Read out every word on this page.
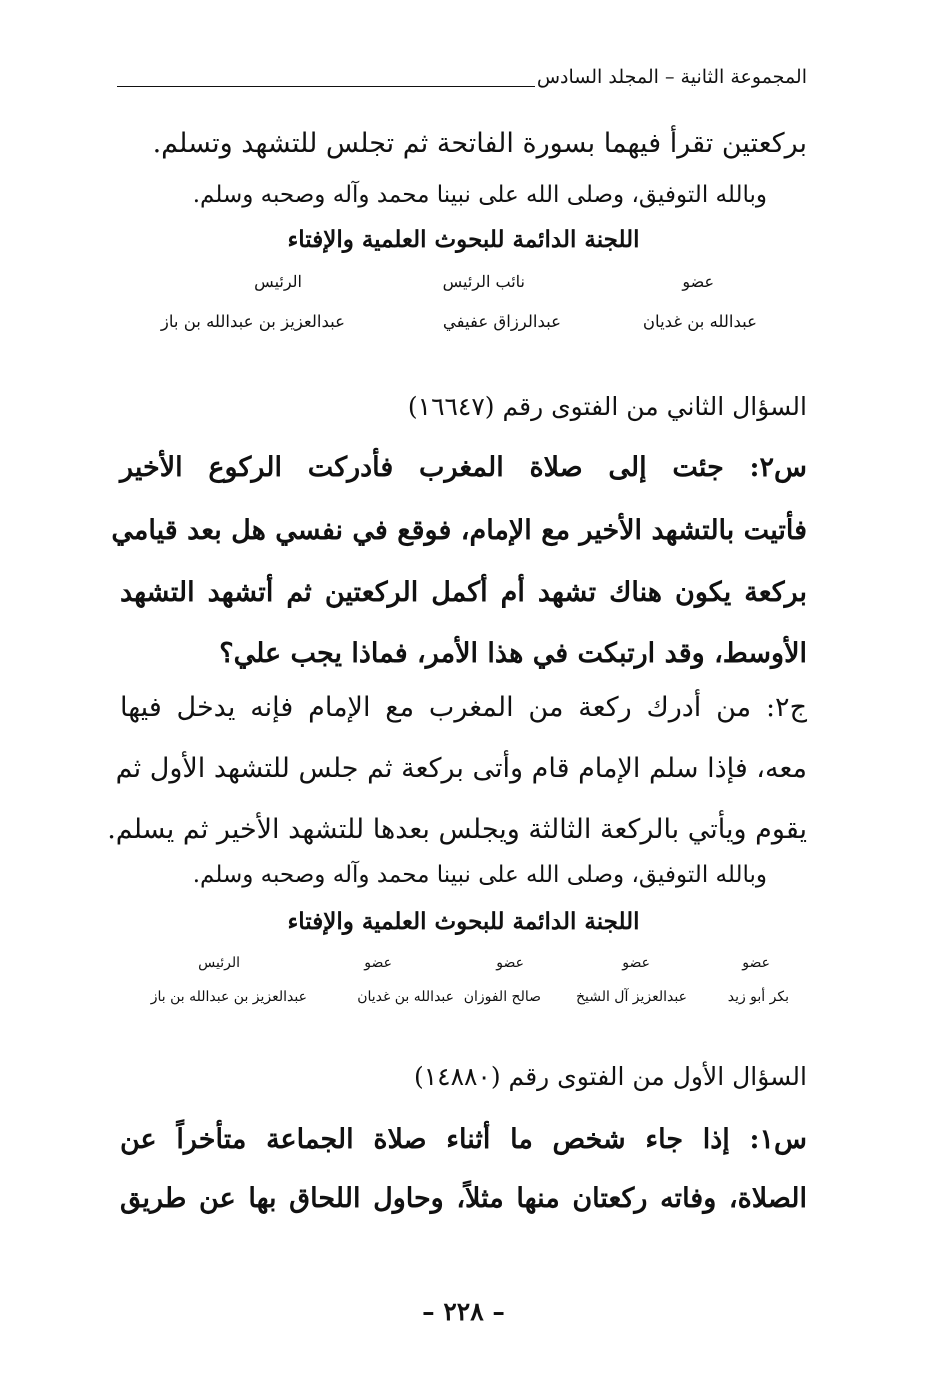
المجموعة الثانية – المجلد السادس
بركعتين تقرأ فيهما بسورة الفاتحة ثم تجلس للتشهد وتسلم.
وبالله التوفيق، وصلى الله على نبينا محمد وآله وصحبه وسلم.
اللجنة الدائمة للبحوث العلمية والإفتاء
عضو
نائب الرئيس
الرئيس
عبدالله بن غديان
عبدالرزاق عفيفي
عبدالعزيز بن عبدالله بن باز
السؤال الثاني من الفتوى رقم (١٦٦٤٧)
س٢: جئت إلى صلاة المغرب فأدركت الركوع الأخير
فأتيت بالتشهد الأخير مع الإمام، فوقع في نفسي هل بعد قيامي
بركعة يكون هناك تشهد أم أكمل الركعتين ثم أتشهد التشهد
الأوسط، وقد ارتبكت في هذا الأمر، فماذا يجب علي؟
ج٢: من أدرك ركعة من المغرب مع الإمام فإنه يدخل فيها
معه، فإذا سلم الإمام قام وأتى بركعة ثم جلس للتشهد الأول ثم
يقوم ويأتي بالركعة الثالثة ويجلس بعدها للتشهد الأخير ثم يسلم.
وبالله التوفيق، وصلى الله على نبينا محمد وآله وصحبه وسلم.
اللجنة الدائمة للبحوث العلمية والإفتاء
عضو
عضو
عضو
عضو
الرئيس
بكر أبو زيد
عبدالعزيز آل الشيخ
صالح الفوزان
عبدالله بن غديان
عبدالعزيز بن عبدالله بن باز
السؤال الأول من الفتوى رقم (١٤٨٨٠)
س١: إذا جاء شخص ما أثناء صلاة الجماعة متأخراً عن
الصلاة، وفاته ركعتان منها مثلاً، وحاول اللحاق بها عن طريق
– ٢٢٨ –
